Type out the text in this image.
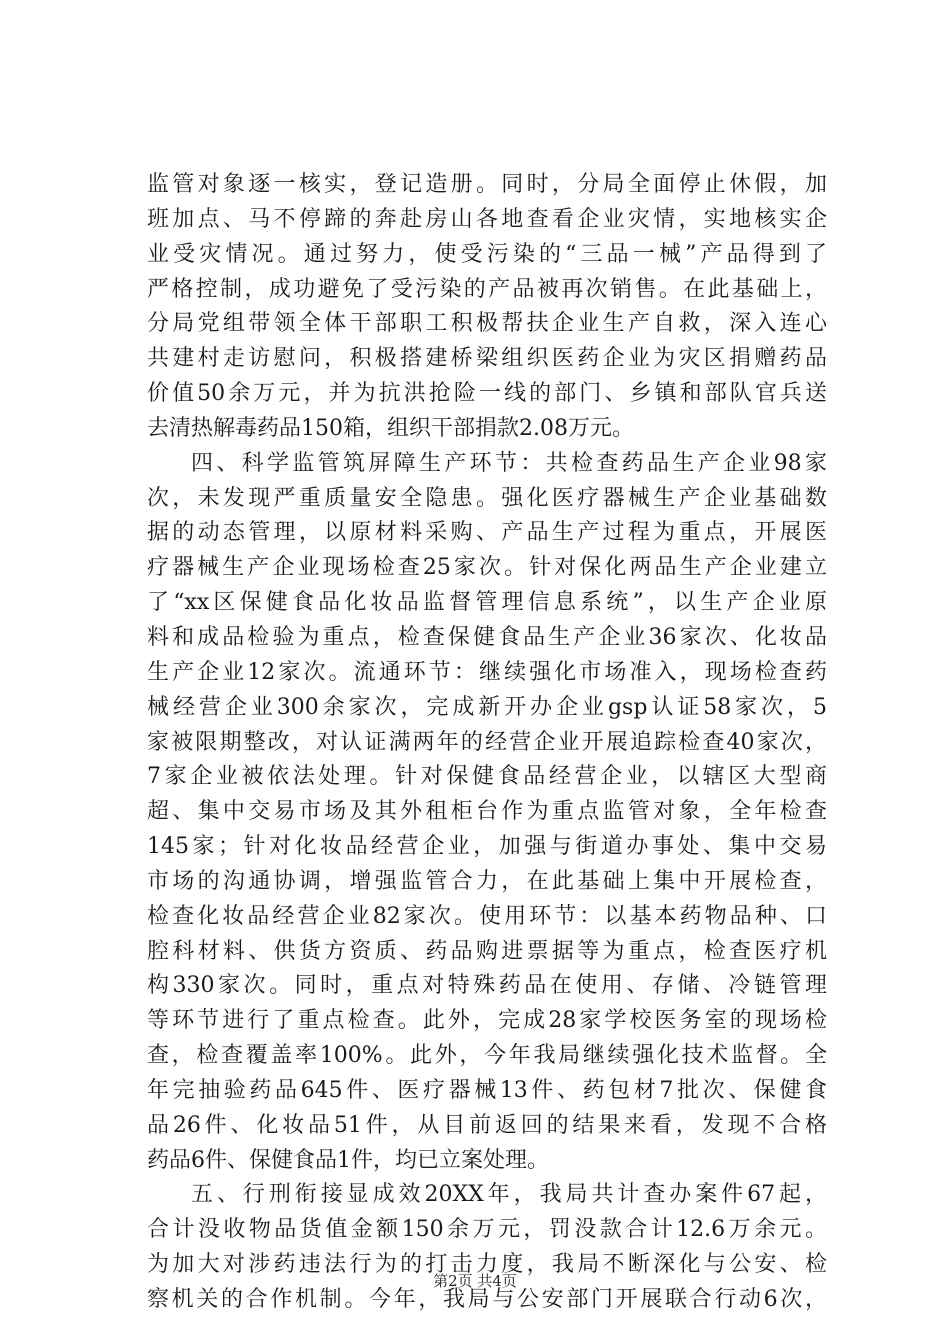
监管对象逐一核实，登记造册。同时，分局全面停止休假，加
班加点、马不停蹄的奔赴房山各地查看企业灾情，实地核实企
业受灾情况。通过努力，使受污染的“三品一械”产品得到了
严格控制，成功避免了受污染的产品被再次销售。在此基础上，
分局党组带领全体干部职工积极帮扶企业生产自救，深入连心
共建村走访慰问，积极搭建桥梁组织医药企业为灾区捐赠药品
价值50余万元，并为抗洪抢险一线的部门、乡镇和部队官兵送
去清热解毒药品150箱，组织干部捐款2.08万元。
四、科学监管筑屏障生产环节：共检查药品生产企业98家
次，未发现严重质量安全隐患。强化医疗器械生产企业基础数
据的动态管理，以原材料采购、产品生产过程为重点，开展医
疗器械生产企业现场检查25家次。针对保化两品生产企业建立
了“xx区保健食品化妆品监督管理信息系统”，以生产企业原
料和成品检验为重点，检查保健食品生产企业36家次、化妆品
生产企业12家次。流通环节：继续强化市场准入，现场检查药
械经营企业300余家次，完成新开办企业gsp认证58家次，5
家被限期整改，对认证满两年的经营企业开展追踪检查40家次，
7家企业被依法处理。针对保健食品经营企业，以辖区大型商
超、集中交易市场及其外租柜台作为重点监管对象，全年检查
145家；针对化妆品经营企业，加强与街道办事处、集中交易
市场的沟通协调，增强监管合力，在此基础上集中开展检查，
检查化妆品经营企业82家次。使用环节：以基本药物品种、口
腔科材料、供货方资质、药品购进票据等为重点，检查医疗机
构330家次。同时，重点对特殊药品在使用、存储、冷链管理
等环节进行了重点检查。此外，完成28家学校医务室的现场检
查，检查覆盖率100%。此外，今年我局继续强化技术监督。全
年完抽验药品645件、医疗器械13件、药包材7批次、保健食
品26件、化妆品51件，从目前返回的结果来看，发现不合格
药品6件、保健食品1件，均已立案处理。
五、行刑衔接显成效20XX年，我局共计查办案件67起，
合计没收物品货值金额150余万元，罚没款合计12.6万余元。
为加大对涉药违法行为的打击力度，我局不断深化与公安、检
察机关的合作机制。今年，我局与公安部门开展联合行动6次，
第2页 共4页
